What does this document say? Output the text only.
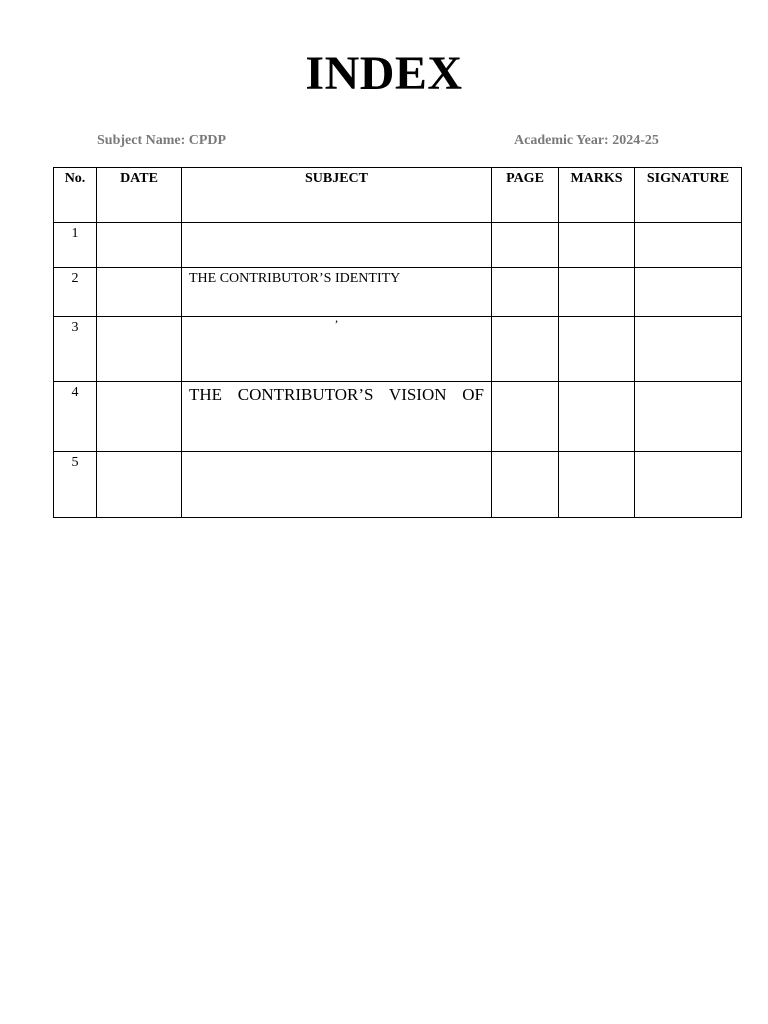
INDEX
Subject Name: CPDP	Academic Year: 2024-25
No.	DATE	SUBJECT	PAGE	MARKS	SIGNATURE
1					
2		THE CONTRIBUTOR’S IDENTITY			
3		’			

4		THE CONTRIBUTOR’S VISION OF			

5					
